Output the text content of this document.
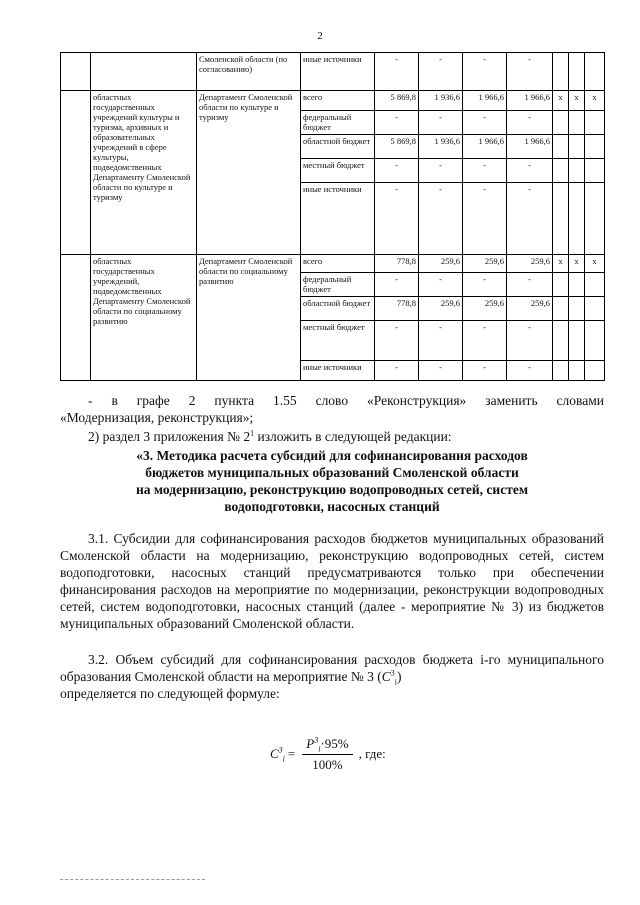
2
		Смоленской области (по согласованию)	иные источники	-	-	-	-			
	областных государственных учреждений культуры и туризма, архивных и образовательных учреждений в сфере культуры, подведомственных Департаменту Смоленской области по культуре и туризму	Департамент Смоленской области по культуре и туризму	всего	5 869,8	1 936,6	1 966,6	1 966,6	х	х	х
			федеральный бюджет	-	-	-	-			
			областной бюджет	5 869,8	1 936,6	1 966,6	1 966,6			
			местный бюджет	-	-	-	-			
			иные источники	-	-	-	-			
	областных государственных учреждений, подведомственных Департаменту Смоленской области по социальному развитию	Департамент Смоленской области по социальному развитию	всего	778,8	259,6	259,6	259,6	х	х	х
			федеральный бюджет	-	-	-	-			
			областной бюджет	778,8	259,6	259,6	259,6			
			местный бюджет	-	-	-	-			
			иные источники	-	-	-	-			

- в графе 2 пункта 1.55 слово «Реконструкция» заменить словами

«Модернизация, реконструкция»;

2) раздел 3 приложения № $2^1$ изложить в следующей редакции:

«3. Методика расчета субсидий для софинансирования расходов

бюджетов муниципальных образований Смоленской области

на модернизацию, реконструкцию водопроводных сетей, систем

водоподготовки, насосных станций

3.1. Субсидии для софинансирования расходов бюджетов муниципальных образований Смоленской области на модернизацию, реконструкцию водопроводных сетей, систем водоподготовки, насосных станций предусматриваются только при обеспечении финансирования расходов на мероприятие по модернизации, реконструкции водопроводных сетей, систем водоподготовки, насосных станций (далее - мероприятие № 3) из бюджетов муниципальных образований Смоленской области.

3.2. Объем субсидий для софинансирования расходов бюджета i-го муниципального образования Смоленской области на мероприятие № 3 $(C^3_i)$

определяется по следующей формуле:

$C^3_i = \frac{P^3_i\cdot 95\%}{100\%}$ , где:
